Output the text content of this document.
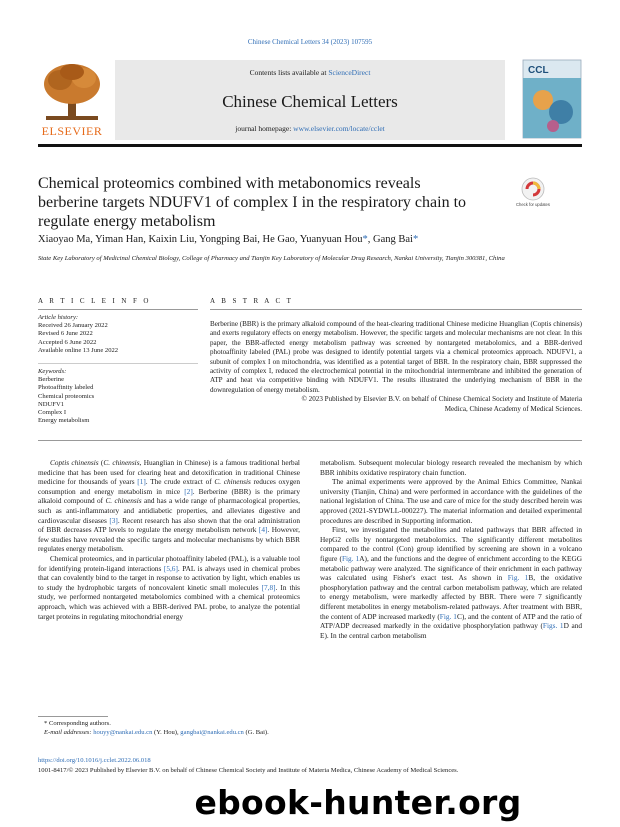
Chinese Chemical Letters 34 (2023) 107595
ELSEVIER
Contents lists available at ScienceDirect
Chinese Chemical Letters
journal homepage: www.elsevier.com/locate/cclet
CCL
Chemical proteomics combined with metabonomics reveals berberine targets NDUFV1 of complex I in the respiratory chain to regulate energy metabolism
Check for updates
Xiaoyao Ma, Yiman Han, Kaixin Liu, Yongping Bai, He Gao, Yuanyuan Hou*, Gang Bai*
State Key Laboratory of Medicinal Chemical Biology, College of Pharmacy and Tianjin Key Laboratory of Molecular Drug Research, Nankai University, Tianjin 300381, China
A R T I C L E I N F O
Article history:
Received 26 January 2022
Revised 6 June 2022
Accepted 6 June 2022
Available online 13 June 2022
Keywords:
Berberine
Photoaffinity labeled
Chemical proteomics
NDUFV1
Complex I
Energy metabolism
A B S T R A C T

Berberine (BBR) is the primary alkaloid compound of the heat-clearing traditional Chinese medicine Huanglian (Coptis chinensis) and exerts regulatory effects on energy metabolism. However, the specific targets and molecular mechanisms are not clear. In this paper, the BBR-affected energy metabolism pathway was screened by nontargeted metabolomics, and a BBR-derived photoaffinity labeled (PAL) probe was designed to identify potential targets via a chemical proteomics approach. NDUFV1, a subunit of complex I on mitochondria, was identified as a potential target of BBR. In the respiratory chain, BBR suppressed the activity of complex I, reduced the electrochemical potential in the mitochondrial intermembrane and inhibited the generation of ATP and heat via competitive binding with NDUFV1. The results illustrated the underlying mechanism of BBR in the downregulation of energy metabolism.

© 2023 Published by Elsevier B.V. on behalf of Chinese Chemical Society and Institute of Materia
Medica, Chinese Academy of Medical Sciences.

Coptis chinensis (C. chinensis, Huanglian in Chinese) is a famous traditional herbal medicine that has been used for clearing heat and detoxification in traditional Chinese medicine for thousands of years [1]. The crude extract of C. chinensis reduces oxygen consumption and energy metabolism in mice [2]. Berberine (BBR) is the primary alkaloid compound of C. chinensis and has a wide range of pharmacological properties, such as anti-inflammatory and antidiabetic properties, and alleviates digestive and cardiovascular diseases [3]. Recent research has also shown that the oral administration of BBR decreases ATP levels to regulate the energy metabolism network [4]. However, few studies have revealed the specific targets and molecular mechanisms by which BBR regulates energy metabolism.

Chemical proteomics, and in particular photoaffinity labeled (PAL), is a valuable tool for identifying protein-ligand interactions [5,6]. PAL is always used in chemical probes that can covalently bind to the target in response to activation by light, which enables us to study the hydrophobic targets of noncovalent kinetic small molecules [7,8]. In this study, we performed nontargeted metabolomics combined with a chemical proteomics approach, which was achieved with a BBR-derived PAL probe, to analyze the potential target proteins in regulating mitochondrial energy

* Corresponding authors.
E-mail addresses: houyy@nankai.edu.cn (Y. Hou), gangbai@nankai.edu.cn (G. Bai).

metabolism. Subsequent molecular biology research revealed the mechanism by which BBR inhibits oxidative respiratory chain function.

The animal experiments were approved by the Animal Ethics Committee, Nankai university (Tianjin, China) and were performed in accordance with the guidelines of the national legislation of China. The use and care of mice for the study described herein was approved (2021-SYDWLL-000227). The material information and detailed experimental procedures are described in Supporting information.

First, we investigated the metabolites and related pathways that BBR affected in HepG2 cells by nontargeted metabolomics. The significantly different metabolites compared to the control (Con) group identified by screening are shown in a volcano figure (Fig. 1A), and the functions and the degree of enrichment according to the KEGG metabolic pathway were analyzed. The significance of their enrichment in each pathway was calculated using Fisher's exact test. As shown in Fig. 1B, the oxidative phosphorylation pathway and the central carbon metabolism pathway, which are related to energy metabolism, were markedly affected by BBR. There were 7 significantly different metabolites in energy metabolism-related pathways. After treatment with BBR, the content of ADP increased markedly (Fig. 1C), and the content of ATP and the ratio of ATP/ADP decreased markedly in the oxidative phosphorylation pathway (Figs. 1D and E). In the central carbon metabolism

https://doi.org/10.1016/j.cclet.2022.06.018
1001-8417/© 2023 Published by Elsevier B.V. on behalf of Chinese Chemical Society and Institute of Materia Medica, Chinese Academy of Medical Sciences.
ebook-hunter.org
